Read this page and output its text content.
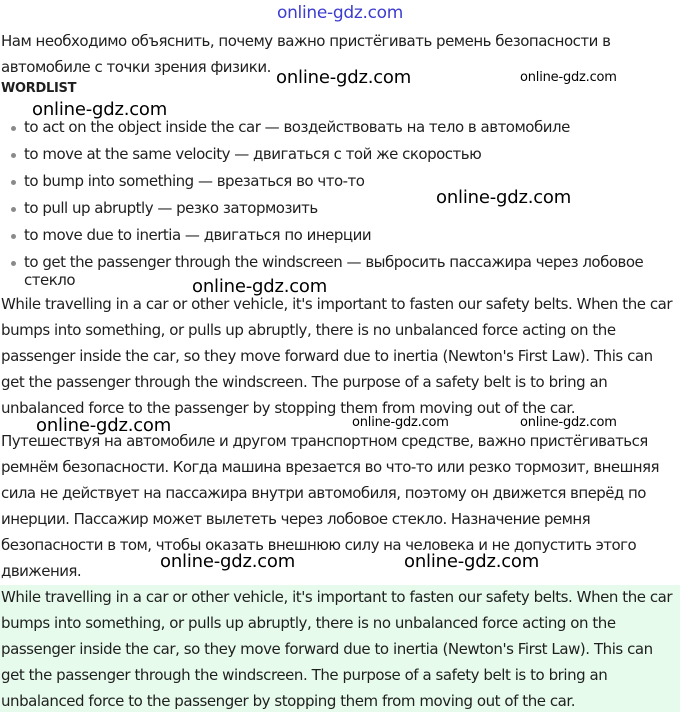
online-gdz.com
Нам необходимо объяснить, почему важно пристёгивать ремень безопасности в автомобиле с точки зрения физики.
WORDLIST
to act on the object inside the car — воздействовать на тело в автомобиле
to move at the same velocity — двигаться с той же скоростью
to bump into something — врезаться во что-то
to pull up abruptly — резко затормозить
to move due to inertia — двигаться по инерции
to get the passenger through the windscreen — выбросить пассажира через лобовое стекло
While travelling in a car or other vehicle, it's important to fasten our safety belts. When the car bumps into something, or pulls up abruptly, there is no unbalanced force acting on the passenger inside the car, so they move forward due to inertia (Newton's First Law). This can get the passenger through the windscreen. The purpose of a safety belt is to bring an unbalanced force to the passenger by stopping them from moving out of the car.
Путешествуя на автомобиле и другом транспортном средстве, важно пристёгиваться ремнём безопасности. Когда машина врезается во что-то или резко тормозит, внешняя сила не действует на пассажира внутри автомобиля, поэтому он движется вперёд по инерции. Пассажир может вылететь через лобовое стекло. Назначение ремня безопасности в том, чтобы оказать внешнюю силу на человека и не допустить этого движения.
While travelling in a car or other vehicle, it's important to fasten our safety belts. When the car bumps into something, or pulls up abruptly, there is no unbalanced force acting on the passenger inside the car, so they move forward due to inertia (Newton's First Law). This can get the passenger through the windscreen. The purpose of a safety belt is to bring an unbalanced force to the passenger by stopping them from moving out of the car.
online-gdz.com	online-gdz.com
online-gdz.com
online-gdz.com
online-gdz.com
online-gdz.com	online-gdz.com	online-gdz.com
online-gdz.com	online-gdz.com
